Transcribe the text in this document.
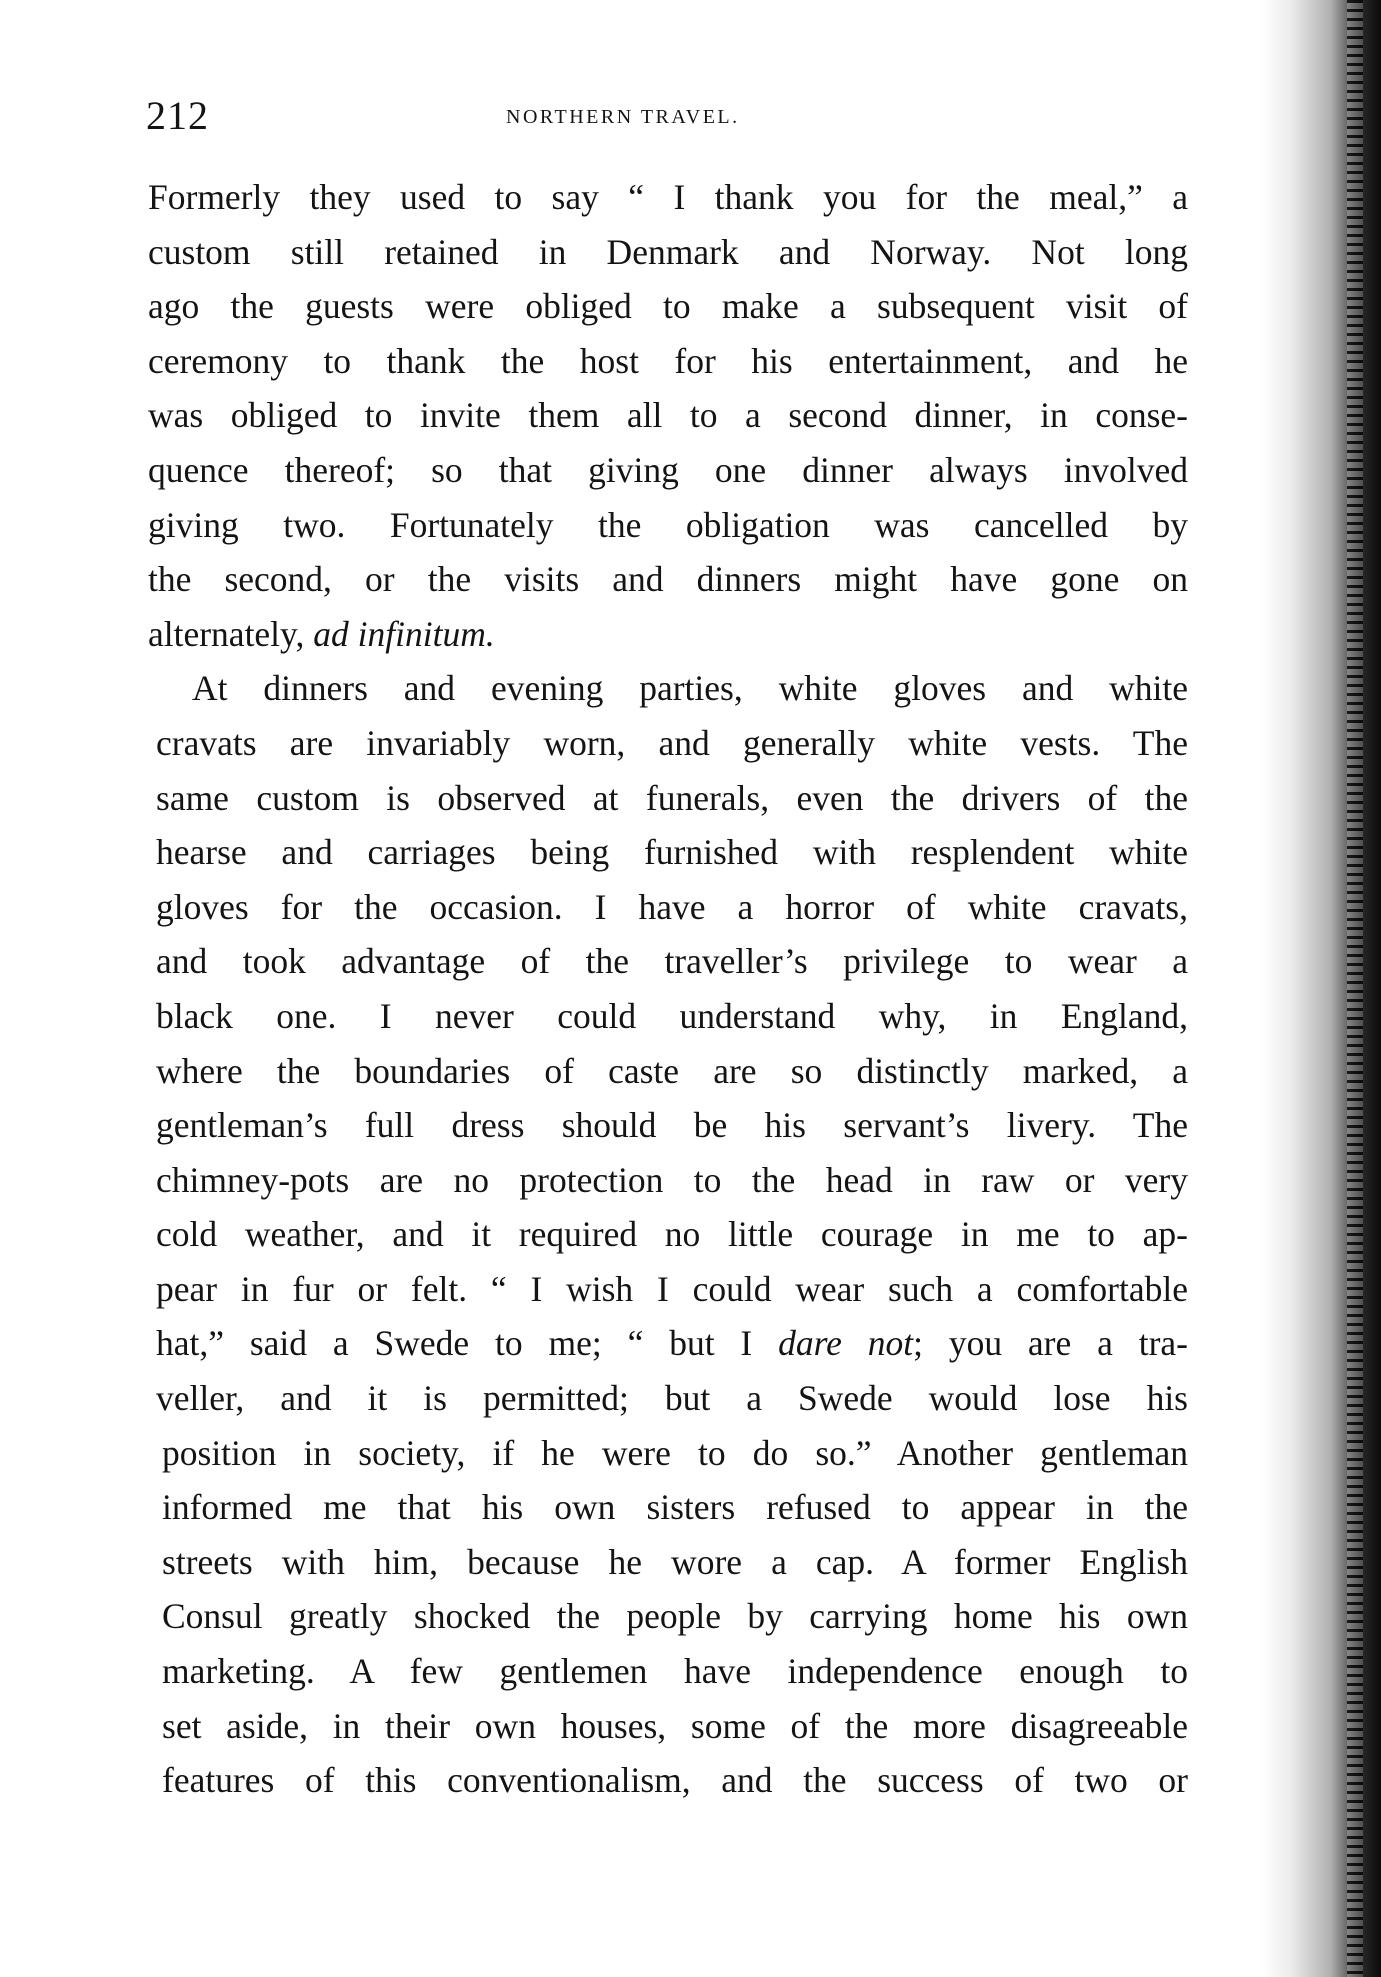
212	NORTHERN TRAVEL.
Formerly they used to say “ I thank you for the meal,” a
custom still retained in Denmark and Norway. Not long
ago the guests were obliged to make a subsequent visit of
ceremony to thank the host for his entertainment, and he
was obliged to invite them all to a second dinner, in conse-
quence thereof; so that giving one dinner always involved
giving two. Fortunately the obligation was cancelled by
the second, or the visits and dinners might have gone on
alternately, ad infinitum.
At dinners and evening parties, white gloves and white
cravats are invariably worn, and generally white vests. The
same custom is observed at funerals, even the drivers of the
hearse and carriages being furnished with resplendent white
gloves for the occasion. I have a horror of white cravats,
and took advantage of the traveller’s privilege to wear a
black one. I never could understand why, in England,
where the boundaries of caste are so distinctly marked, a
gentleman’s full dress should be his servant’s livery. The
chimney-pots are no protection to the head in raw or very
cold weather, and it required no little courage in me to ap-
pear in fur or felt. “ I wish I could wear such a comfortable
hat,” said a Swede to me; “ but I dare not; you are a tra-
veller, and it is permitted; but a Swede would lose his
position in society, if he were to do so.” Another gentleman
informed me that his own sisters refused to appear in the
streets with him, because he wore a cap. A former English
Consul greatly shocked the people by carrying home his own
marketing. A few gentlemen have independence enough to
set aside, in their own houses, some of the more disagreeable
features of this conventionalism, and the success of two or
